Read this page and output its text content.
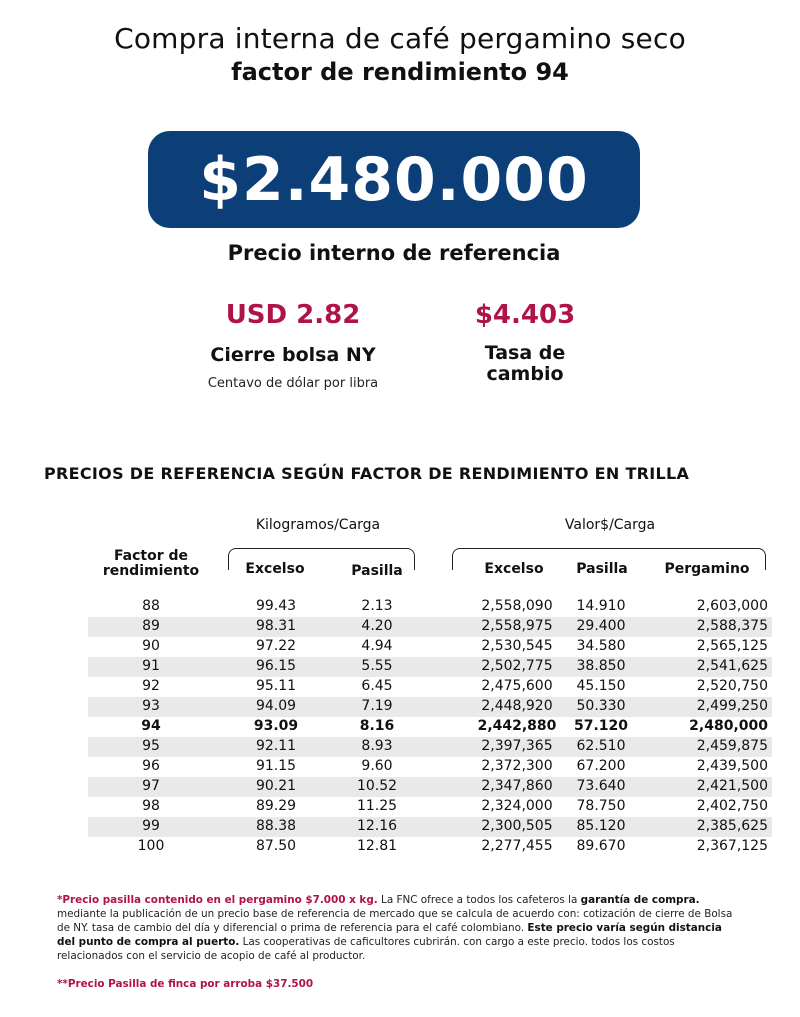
Compra interna de café pergamino seco
factor de rendimiento 94
$2.480.000
Precio interno de referencia
USD 2.82
Cierre bolsa NY
Centavo de dólar por libra
$4.403
Tasa de
cambio
PRECIOS DE REFERENCIA SEGÚN FACTOR DE RENDIMIENTO EN TRILLA
Kilogramos/Carga	Valor$/Carga
Factor de
rendimiento	Excelso	Pasilla	Excelso	Pasilla	Pergamino
88	99.43	2.13	2,558,090	14.910	2,603,000
89	98.31	4.20	2,558,975	29.400	2,588,375
90	97.22	4.94	2,530,545	34.580	2,565,125
91	96.15	5.55	2,502,775	38.850	2,541,625
92	95.11	6.45	2,475,600	45.150	2,520,750
93	94.09	7.19	2,448,920	50.330	2,499,250
94	93.09	8.16	2,442,880	57.120	2,480,000
95	92.11	8.93	2,397,365	62.510	2,459,875
96	91.15	9.60	2,372,300	67.200	2,439,500
97	90.21	10.52	2,347,860	73.640	2,421,500
98	89.29	11.25	2,324,000	78.750	2,402,750
99	88.38	12.16	2,300,505	85.120	2,385,625
100	87.50	12.81	2,277,455	89.670	2,367,125
*Precio pasilla contenido en el pergamino $7.000 x kg. La FNC ofrece a todos los cafeteros la garantía de compra. mediante la publicación de un precio base de referencia de mercado que se calcula de acuerdo con: cotización de cierre de Bolsa de NY. tasa de cambio del día y diferencial o prima de referencia para el café colombiano. Este precio varía según distancia del punto de compra al puerto. Las cooperativas de caficultores cubrirán. con cargo a este precio. todos los costos relacionados con el servicio de acopio de café al productor.
**Precio Pasilla de finca por arroba $37.500
